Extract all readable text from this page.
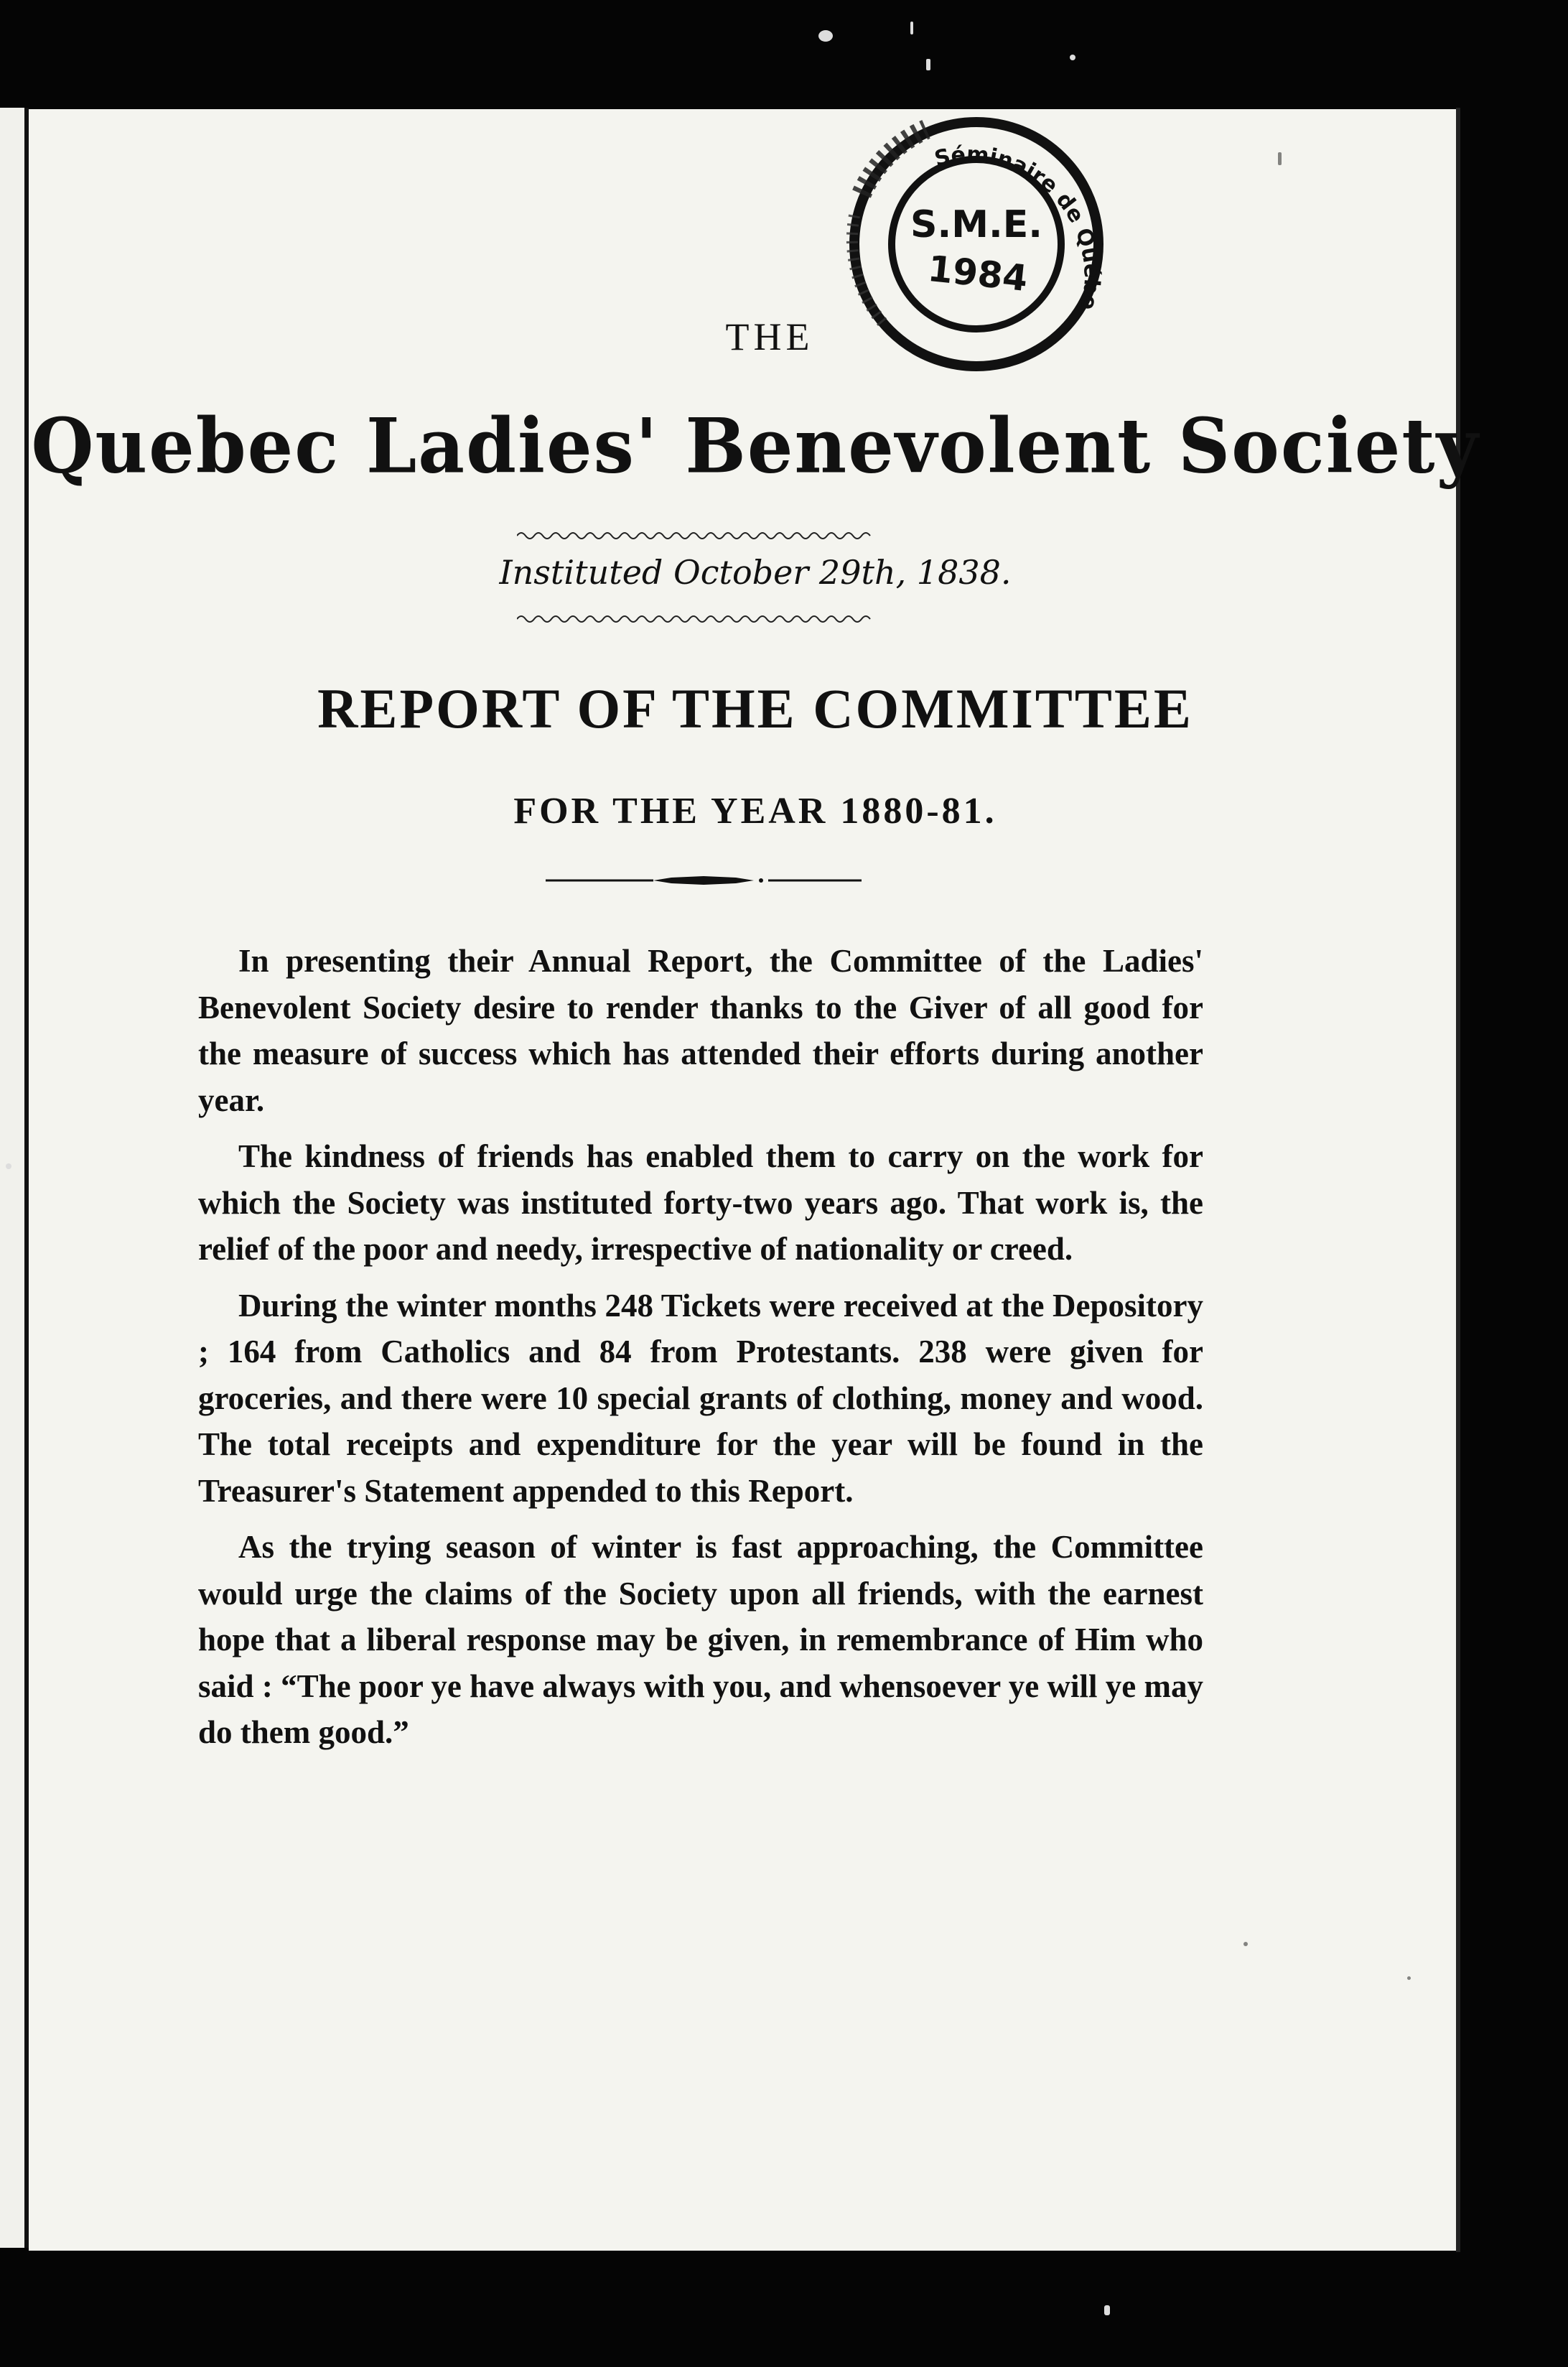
Séminaire de Québec
S.M.E.
1984
THE
Quebec Ladies' Benevolent Society
Instituted October 29th, 1838.
REPORT OF THE COMMITTEE
FOR THE YEAR 1880-81.

In presenting their Annual Report, the Committee of the Ladies' Benevolent Society desire to render thanks to the Giver of all good for the measure of success which has attended their efforts during another year.

The kindness of friends has enabled them to carry on the work for which the Society was instituted forty-two years ago. That work is, the relief of the poor and needy, irrespective of nationality or creed.

During the winter months 248 Tickets were received at the Depository ; 164 from Catholics and 84 from Protestants. 238 were given for groceries, and there were 10 special grants of clothing, money and wood. The total receipts and expenditure for the year will be found in the Treasurer's Statement appended to this Report.

As the trying season of winter is fast approaching, the Committee would urge the claims of the Society upon all friends, with the earnest hope that a liberal response may be given, in remembrance of Him who said : “The poor ye have always with you, and whensoever ye will ye may do them good.”
